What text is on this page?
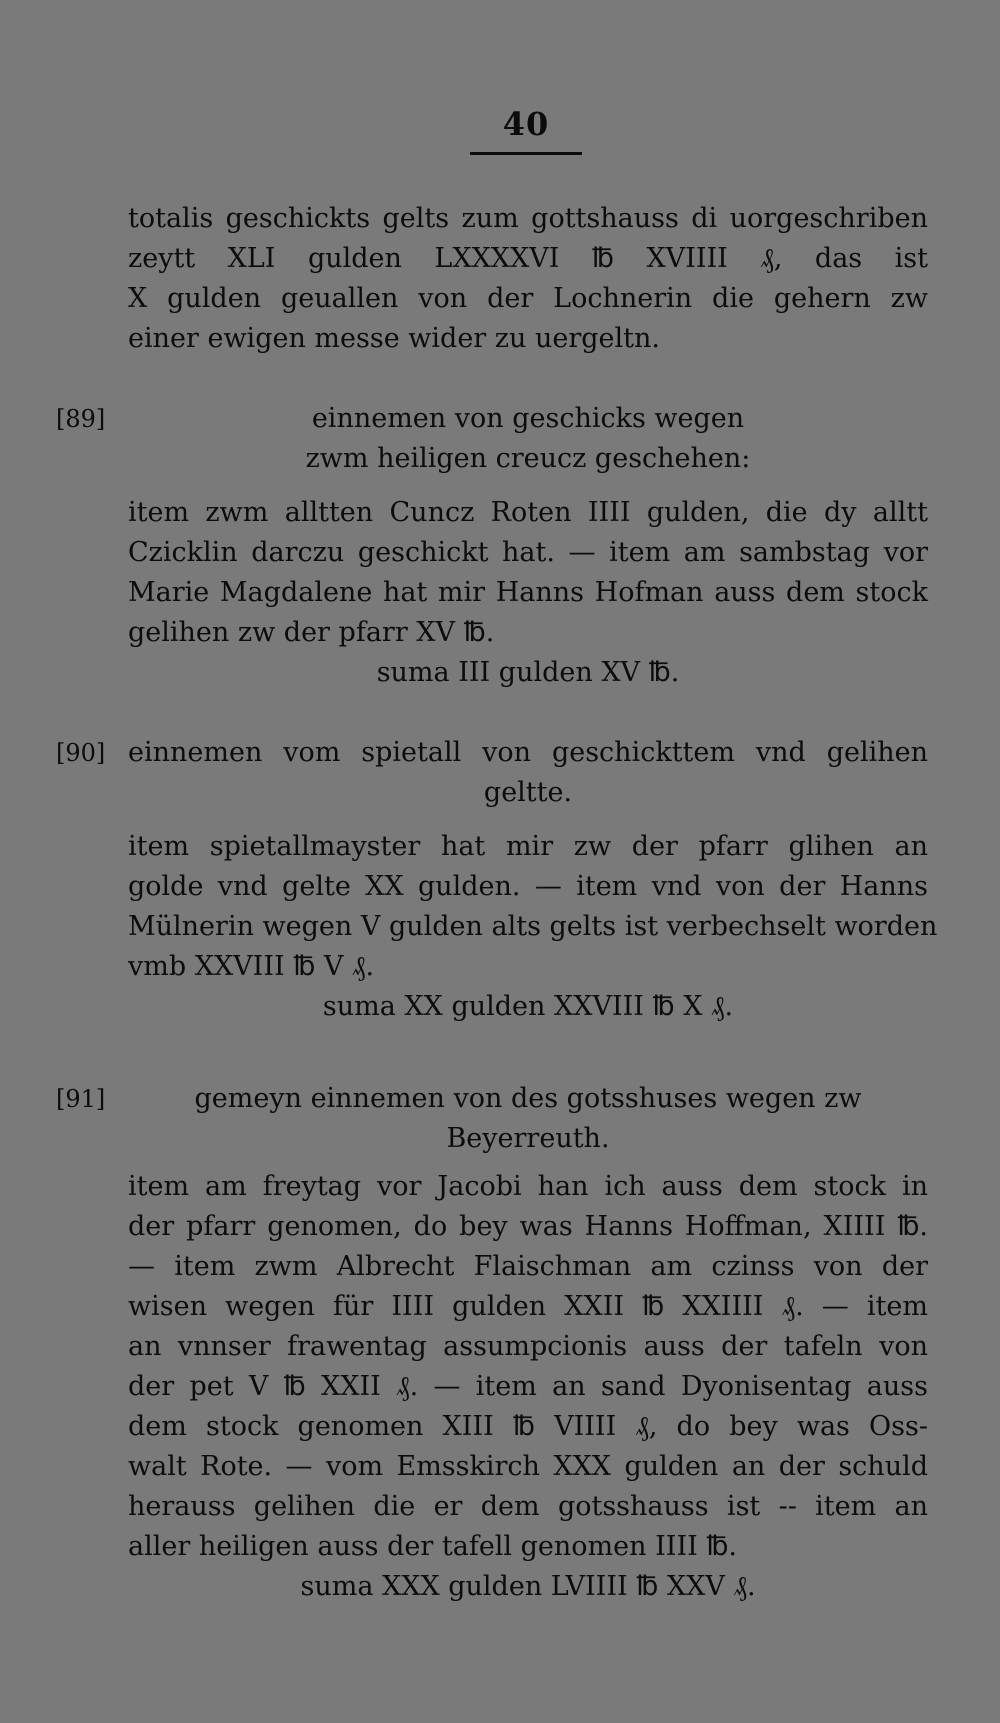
40
totalis geschickts gelts zum gottshauss di uorgeschriben
zeytt XLI gulden LXXXXVI ℔ XVIIII ₰, das ist
X gulden geuallen von der Lochnerin die gehern zw
einer ewigen messe wider zu uergeltn.
[89]	einnemen von geschicks wegen
zwm heiligen creucz geschehen:
item zwm alltten Cuncz Roten IIII gulden, die dy alltt
Czicklin darczu geschickt hat. — item am sambstag vor
Marie Magdalene hat mir Hanns Hofman auss dem stock
gelihen zw der pfarr XV ℔.
suma III gulden XV ℔.
[90] einnemen vom spietall von geschickttem vnd gelihen
geltte.
item spietallmayster hat mir zw der pfarr glihen an
golde vnd gelte XX gulden. — item vnd von der Hanns
Mülnerin wegen V gulden alts gelts ist verbechselt worden
vmb XXVIII ℔ V ₰.
suma XX gulden XXVIII ℔ X ₰.
[91]	gemeyn einnemen von des gotsshuses wegen zw
Beyerreuth.
item am freytag vor Jacobi han ich auss dem stock in
der pfarr genomen, do bey was Hanns Hoffman, XIIII ℔.
— item zwm Albrecht Flaischman am czinss von der
wisen wegen für IIII gulden XXII ℔ XXIIII ₰. — item
an vnnser frawentag assumpcionis auss der tafeln von
der pet V ℔ XXII ₰. — item an sand Dyonisentag auss
dem stock genomen XIII ℔ VIIII ₰, do bey was Oss-
walt Rote. — vom Emsskirch XXX gulden an der schuld
herauss gelihen die er dem gotsshauss ist -- item an
aller heiligen auss der tafell genomen IIII ℔.
suma XXX gulden LVIIII ℔ XXV ₰.
